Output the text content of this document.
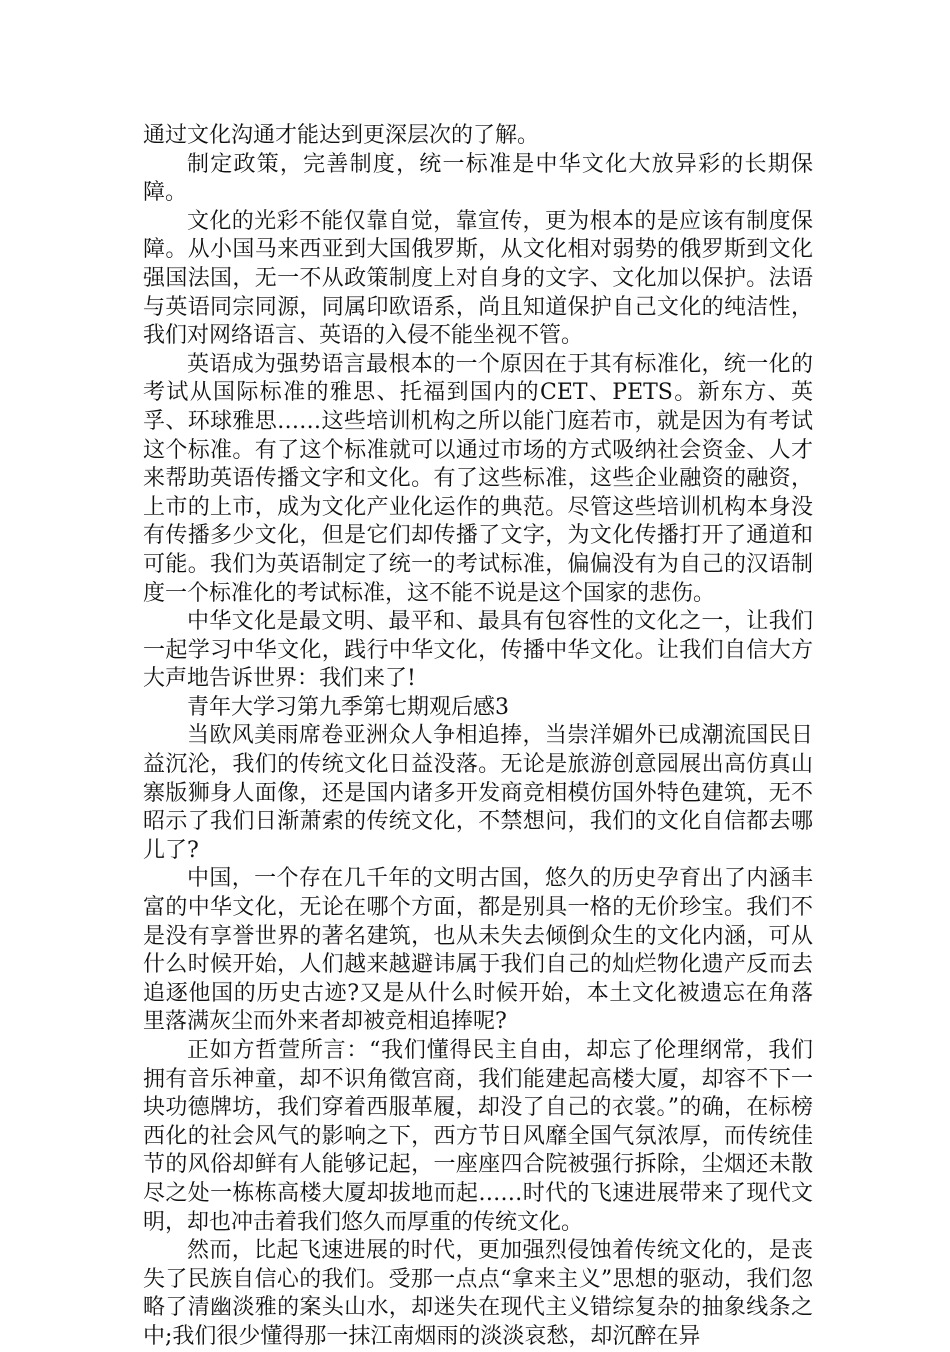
通过文化沟通才能达到更深层次的了解。

制定政策，完善制度，统一标准是中华文化大放异彩的长期保障。

文化的光彩不能仅靠自觉，靠宣传，更为根本的是应该有制度保障。从小国马来西亚到大国俄罗斯，从文化相对弱势的俄罗斯到文化强国法国，无一不从政策制度上对自身的文字、文化加以保护。法语与英语同宗同源，同属印欧语系，尚且知道保护自己文化的纯洁性，我们对网络语言、英语的入侵不能坐视不管。

英语成为强势语言最根本的一个原因在于其有标准化，统一化的考试从国际标准的雅思、托福到国内的CET、PETS。新东方、英孚、环球雅思……这些培训机构之所以能门庭若市，就是因为有考试这个标准。有了这个标准就可以通过市场的方式吸纳社会资金、人才来帮助英语传播文字和文化。有了这些标准，这些企业融资的融资，上市的上市，成为文化产业化运作的典范。尽管这些培训机构本身没有传播多少文化，但是它们却传播了文字，为文化传播打开了通道和可能。我们为英语制定了统一的考试标准，偏偏没有为自己的汉语制度一个标准化的考试标准，这不能不说是这个国家的悲伤。

中华文化是最文明、最平和、最具有包容性的文化之一，让我们一起学习中华文化，践行中华文化，传播中华文化。让我们自信大方大声地告诉世界：我们来了!

青年大学习第九季第七期观后感3

当欧风美雨席卷亚洲众人争相追捧，当崇洋媚外已成潮流国民日益沉沦，我们的传统文化日益没落。无论是旅游创意园展出高仿真山寨版狮身人面像，还是国内诸多开发商竞相模仿国外特色建筑，无不昭示了我们日渐萧索的传统文化，不禁想问，我们的文化自信都去哪儿了?

中国，一个存在几千年的文明古国，悠久的历史孕育出了内涵丰富的中华文化，无论在哪个方面，都是别具一格的无价珍宝。我们不是没有享誉世界的著名建筑，也从未失去倾倒众生的文化内涵，可从什么时候开始，人们越来越避讳属于我们自己的灿烂物化遗产反而去追逐他国的历史古迹?又是从什么时候开始，本土文化被遗忘在角落里落满灰尘而外来者却被竞相追捧呢?

正如方哲萱所言：“我们懂得民主自由，却忘了伦理纲常，我们拥有音乐神童，却不识角徵宫商，我们能建起高楼大厦，却容不下一块功德牌坊，我们穿着西服革履，却没了自己的衣裳。”的确，在标榜西化的社会风气的影响之下，西方节日风靡全国气氛浓厚，而传统佳节的风俗却鲜有人能够记起，一座座四合院被强行拆除，尘烟还未散尽之处一栋栋高楼大厦却拔地而起……时代的飞速进展带来了现代文明，却也冲击着我们悠久而厚重的传统文化。

然而，比起飞速进展的时代，更加强烈侵蚀着传统文化的，是丧失了民族自信心的我们。受那一点点“拿来主义”思想的驱动，我们忽略了清幽淡雅的案头山水，却迷失在现代主义错综复杂的抽象线条之中;我们很少懂得那一抹江南烟雨的淡淡哀愁，却沉醉在异
